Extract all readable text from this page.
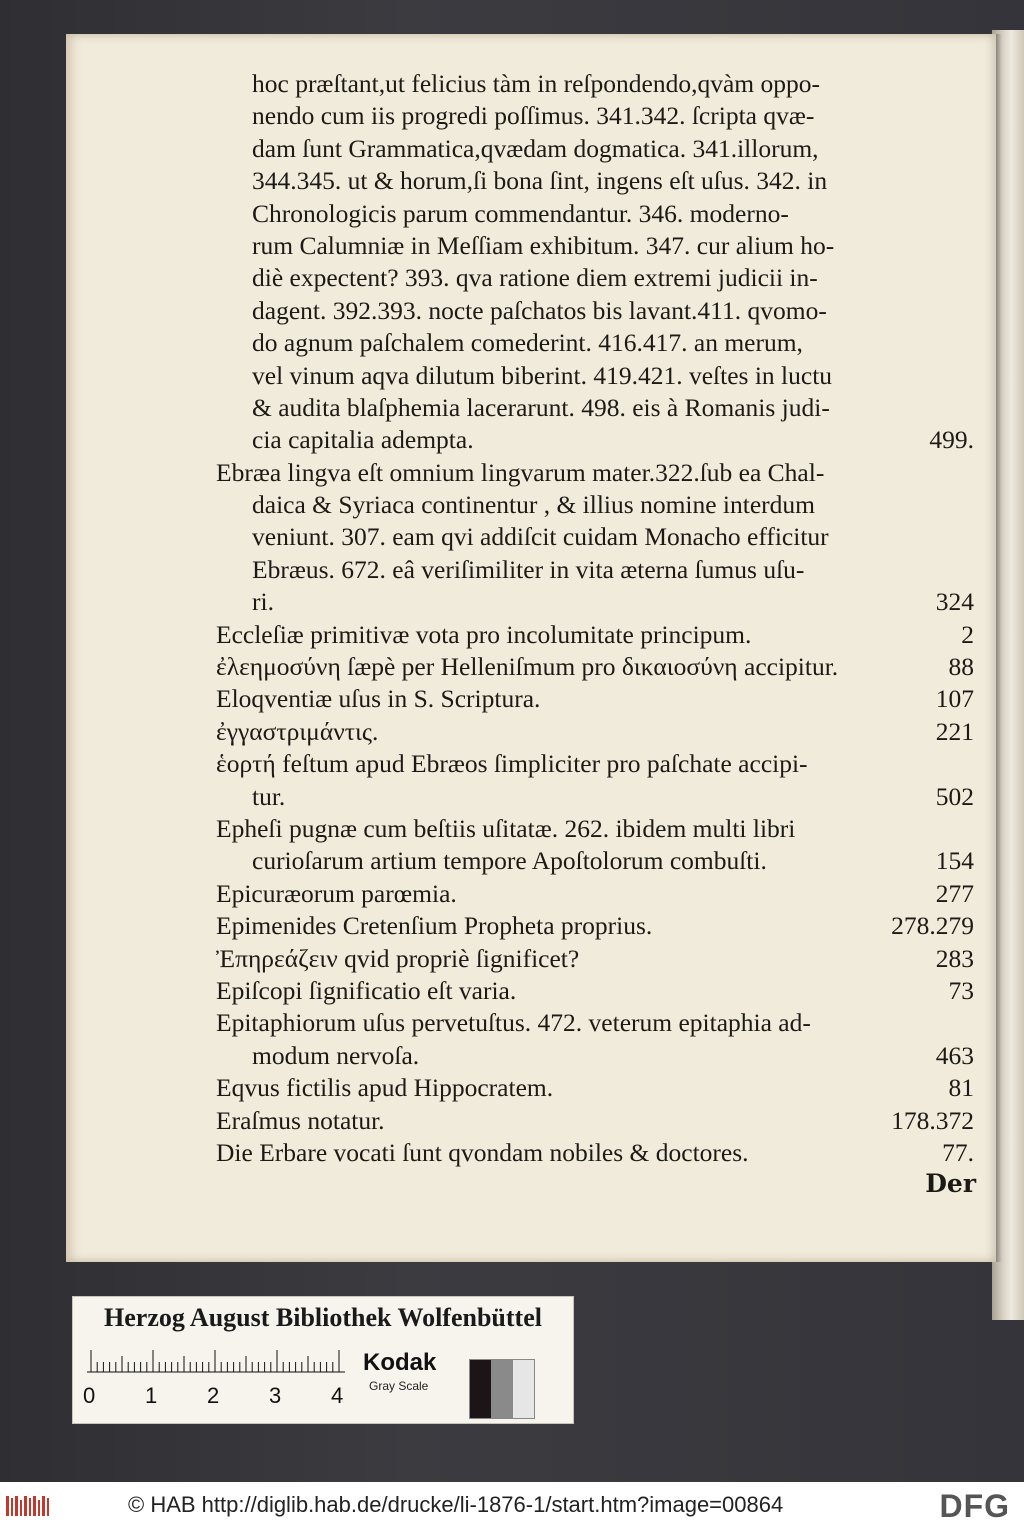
hoc præſtant,ut felicius tàm in reſpondendo,qvàm oppo-
nendo cum iis progredi poſſimus. 341.342. ſcripta qvæ-
dam ſunt Grammatica,qvædam dogmatica. 341.illorum,
344.345. ut & horum,ſi bona ſint, ingens eſt uſus. 342. in
Chronologicis parum commendantur. 346. moderno-
rum Calumniæ in Meſſiam exhibitum. 347. cur alium ho-
diè expectent? 393. qva ratione diem extremi judicii in-
dagent. 392.393. nocte paſchatos bis lavant.411. qvomo-
do agnum paſchalem comederint. 416.417. an merum,
vel vinum aqva dilutum biberint. 419.421. veſtes in luctu
& audita blaſphemia lacerarunt. 498. eis à Romanis judi-
cia capitalia adempta.	499.
Ebræa lingva eſt omnium lingvarum mater.322.ſub ea Chal-
daica & Syriaca continentur , & illius nomine interdum
veniunt. 307. eam qvi addiſcit cuidam Monacho efficitur
Ebræus. 672. eâ veriſimiliter in vita æterna ſumus uſu-
ri.	324
Eccleſiæ primitivæ vota pro incolumitate principum.	2
ἐλεημοσύνη ſæpè per Helleniſmum pro δικαιοσύνη accipitur.	88
Eloqventiæ uſus in S. Scriptura.	107
ἐγγαστριμάντις.	221
ἑορτή feſtum apud Ebræos ſimpliciter pro paſchate accipi-
tur.	502
Epheſi pugnæ cum beſtiis uſitatæ. 262. ibidem multi libri
curioſarum artium tempore Apoſtolorum combuſti.	154
Epicuræorum parœmia.	277
Epimenides Cretenſium Propheta proprius.	278.279
Ἐπηρεάζειν qvid propriè ſignificet?	283
Epiſcopi ſignificatio eſt varia.	73
Epitaphiorum uſus pervetuſtus. 472. veterum epitaphia ad-
modum nervoſa.	463
Eqvus fictilis apud Hippocratem.	81
Eraſmus notatur.	178.372
Die Erbare vocati ſunt qvondam nobiles & doctores.	77.
Der
Herzog August Bibliothek Wolfenbüttel
0 1 2 3 4
Kodak
Gray Scale
© HAB http://diglib.hab.de/drucke/li-1876-1/start.htm?image=00864	DFG
